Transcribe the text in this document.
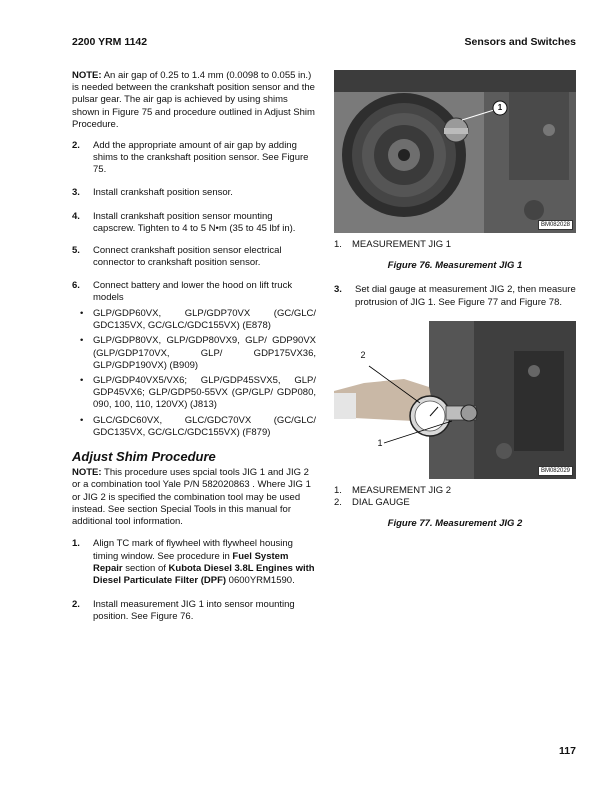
2200 YRM 1142	Sensors and Switches

NOTE: An air gap of 0.25 to 1.4 mm (0.0098 to 0.055 in.) is needed between the crankshaft position sensor and the pulsar gear. The air gap is achieved by using shims shown in Figure 75 and procedure outlined in Adjust Shim Procedure.

2.	Add the appropriate amount of air gap by adding shims to the crankshaft position sensor. See Figure 75.
3.	Install crankshaft position sensor.
4.	Install crankshaft position sensor mounting capscrew. Tighten to 4 to 5 N•m (35 to 45 lbf in).
5.	Connect crankshaft position sensor electrical connector to crankshaft position sensor.
6.	Connect battery and lower the hood on lift truck models
• GLP/GDP60VX, GLP/GDP70VX (GC/GLC/ GDC135VX, GC/GLC/GDC155VX) (E878)
• GLP/GDP80VX, GLP/GDP80VX9, GLP/ GDP90VX (GLP/GDP170VX, GLP/ GDP175VX36, GLP/GDP190VX) (B909)
• GLP/GDP40VX5/VX6; GLP/GDP45SVX5, GLP/ GDP45VX6; GLP/GDP50-55VX (GP/GLP/ GDP080, 090, 100, 110, 120VX) (J813)
• GLC/GDC60VX, GLC/GDC70VX (GC/GLC/ GDC135VX, GC/GLC/GDC155VX) (F879)
Adjust Shim Procedure

NOTE: This procedure uses spcial tools JIG 1 and JIG 2 or a combination tool Yale P/N 582020863 . Where JIG 1 or JIG 2 is specified the combination tool may be used instead. See section Special Tools in this manual for additional tool information.

1.	Align TC mark of flywheel with flywheel housing timing window. See procedure in Fuel System Repair section of Kubota Diesel 3.8L Engines with Diesel Particulate Filter (DPF) 0600YRM1590.
2.	Install measurement JIG 1 into sensor mounting position. See Figure 76.
1
BM082028
1.	MEASUREMENT JIG 1

Figure 76. Measurement JIG 1

3.	Set dial gauge at measurement JIG 2, then measure protrusion of JIG 1. See Figure 77 and Figure 78.
2
1
BM082029
1.	MEASUREMENT JIG 2
2.	DIAL GAUGE

Figure 77. Measurement JIG 2

117
